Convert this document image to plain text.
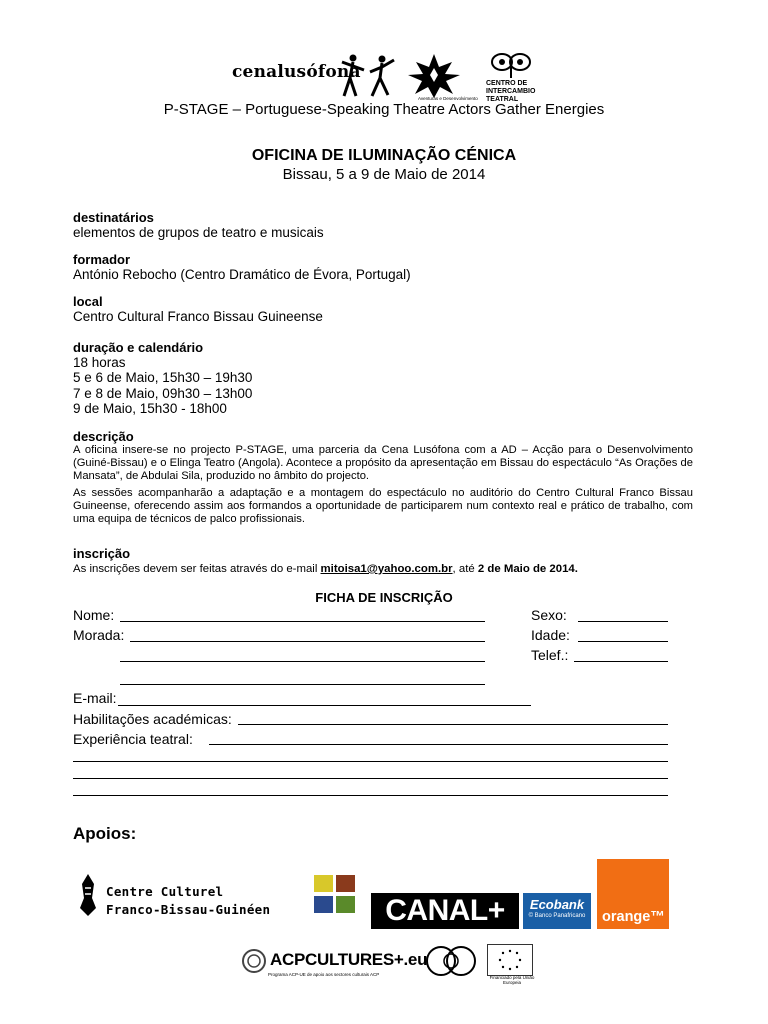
cenalusófona
Aventuras e Desenvolvimento
CENTRO DE INTERCAMBIO TEATRAL
P-STAGE – Portuguese-Speaking Theatre Actors Gather Energies
OFICINA DE ILUMINAÇÃO CÉNICA
Bissau, 5 a 9 de Maio de 2014
destinatários
elementos de grupos de teatro e musicais
formador
António Rebocho (Centro Dramático de Évora, Portugal)
local
Centro Cultural Franco Bissau Guineense
duração e calendário
18 horas
5 e 6 de Maio, 15h30 – 19h30
7 e 8 de Maio, 09h30 – 13h00
9 de Maio, 15h30 - 18h00
descrição
A oficina insere-se no projecto P-STAGE, uma parceria da Cena Lusófona com a AD – Acção para o Desenvolvimento (Guiné-Bissau) e o Elinga Teatro (Angola). Acontece a propósito da apresentação em Bissau do espectáculo “As Orações de Mansata”, de Abdulai Sila, produzido no âmbito do projecto.
As sessões acompanharão a adaptação e a montagem do espectáculo no auditório do Centro Cultural Franco Bissau Guineense, oferecendo assim aos formandos a oportunidade de participarem num contexto real e prático de trabalho, com uma equipa de técnicos de palco profissionais.
inscrição
As inscrições devem ser feitas através do e-mail mitoisa1@yahoo.com.br, até 2 de Maio de 2014.
FICHA DE INSCRIÇÃO
Nome:	Sexo:
Morada:	Idade:
Telef.:
E-mail:
Habilitações académicas:
Experiência teatral:
Apoios:
Centre Culturel
Franco-Bissau-Guinéen	CANAL+	Ecobank
© Banco Panafricano	orange™
ACPCULTURES+.eu
Programa ACP-UE de apoio aos sectores culturais ACP
Financiado pela União Europeia
